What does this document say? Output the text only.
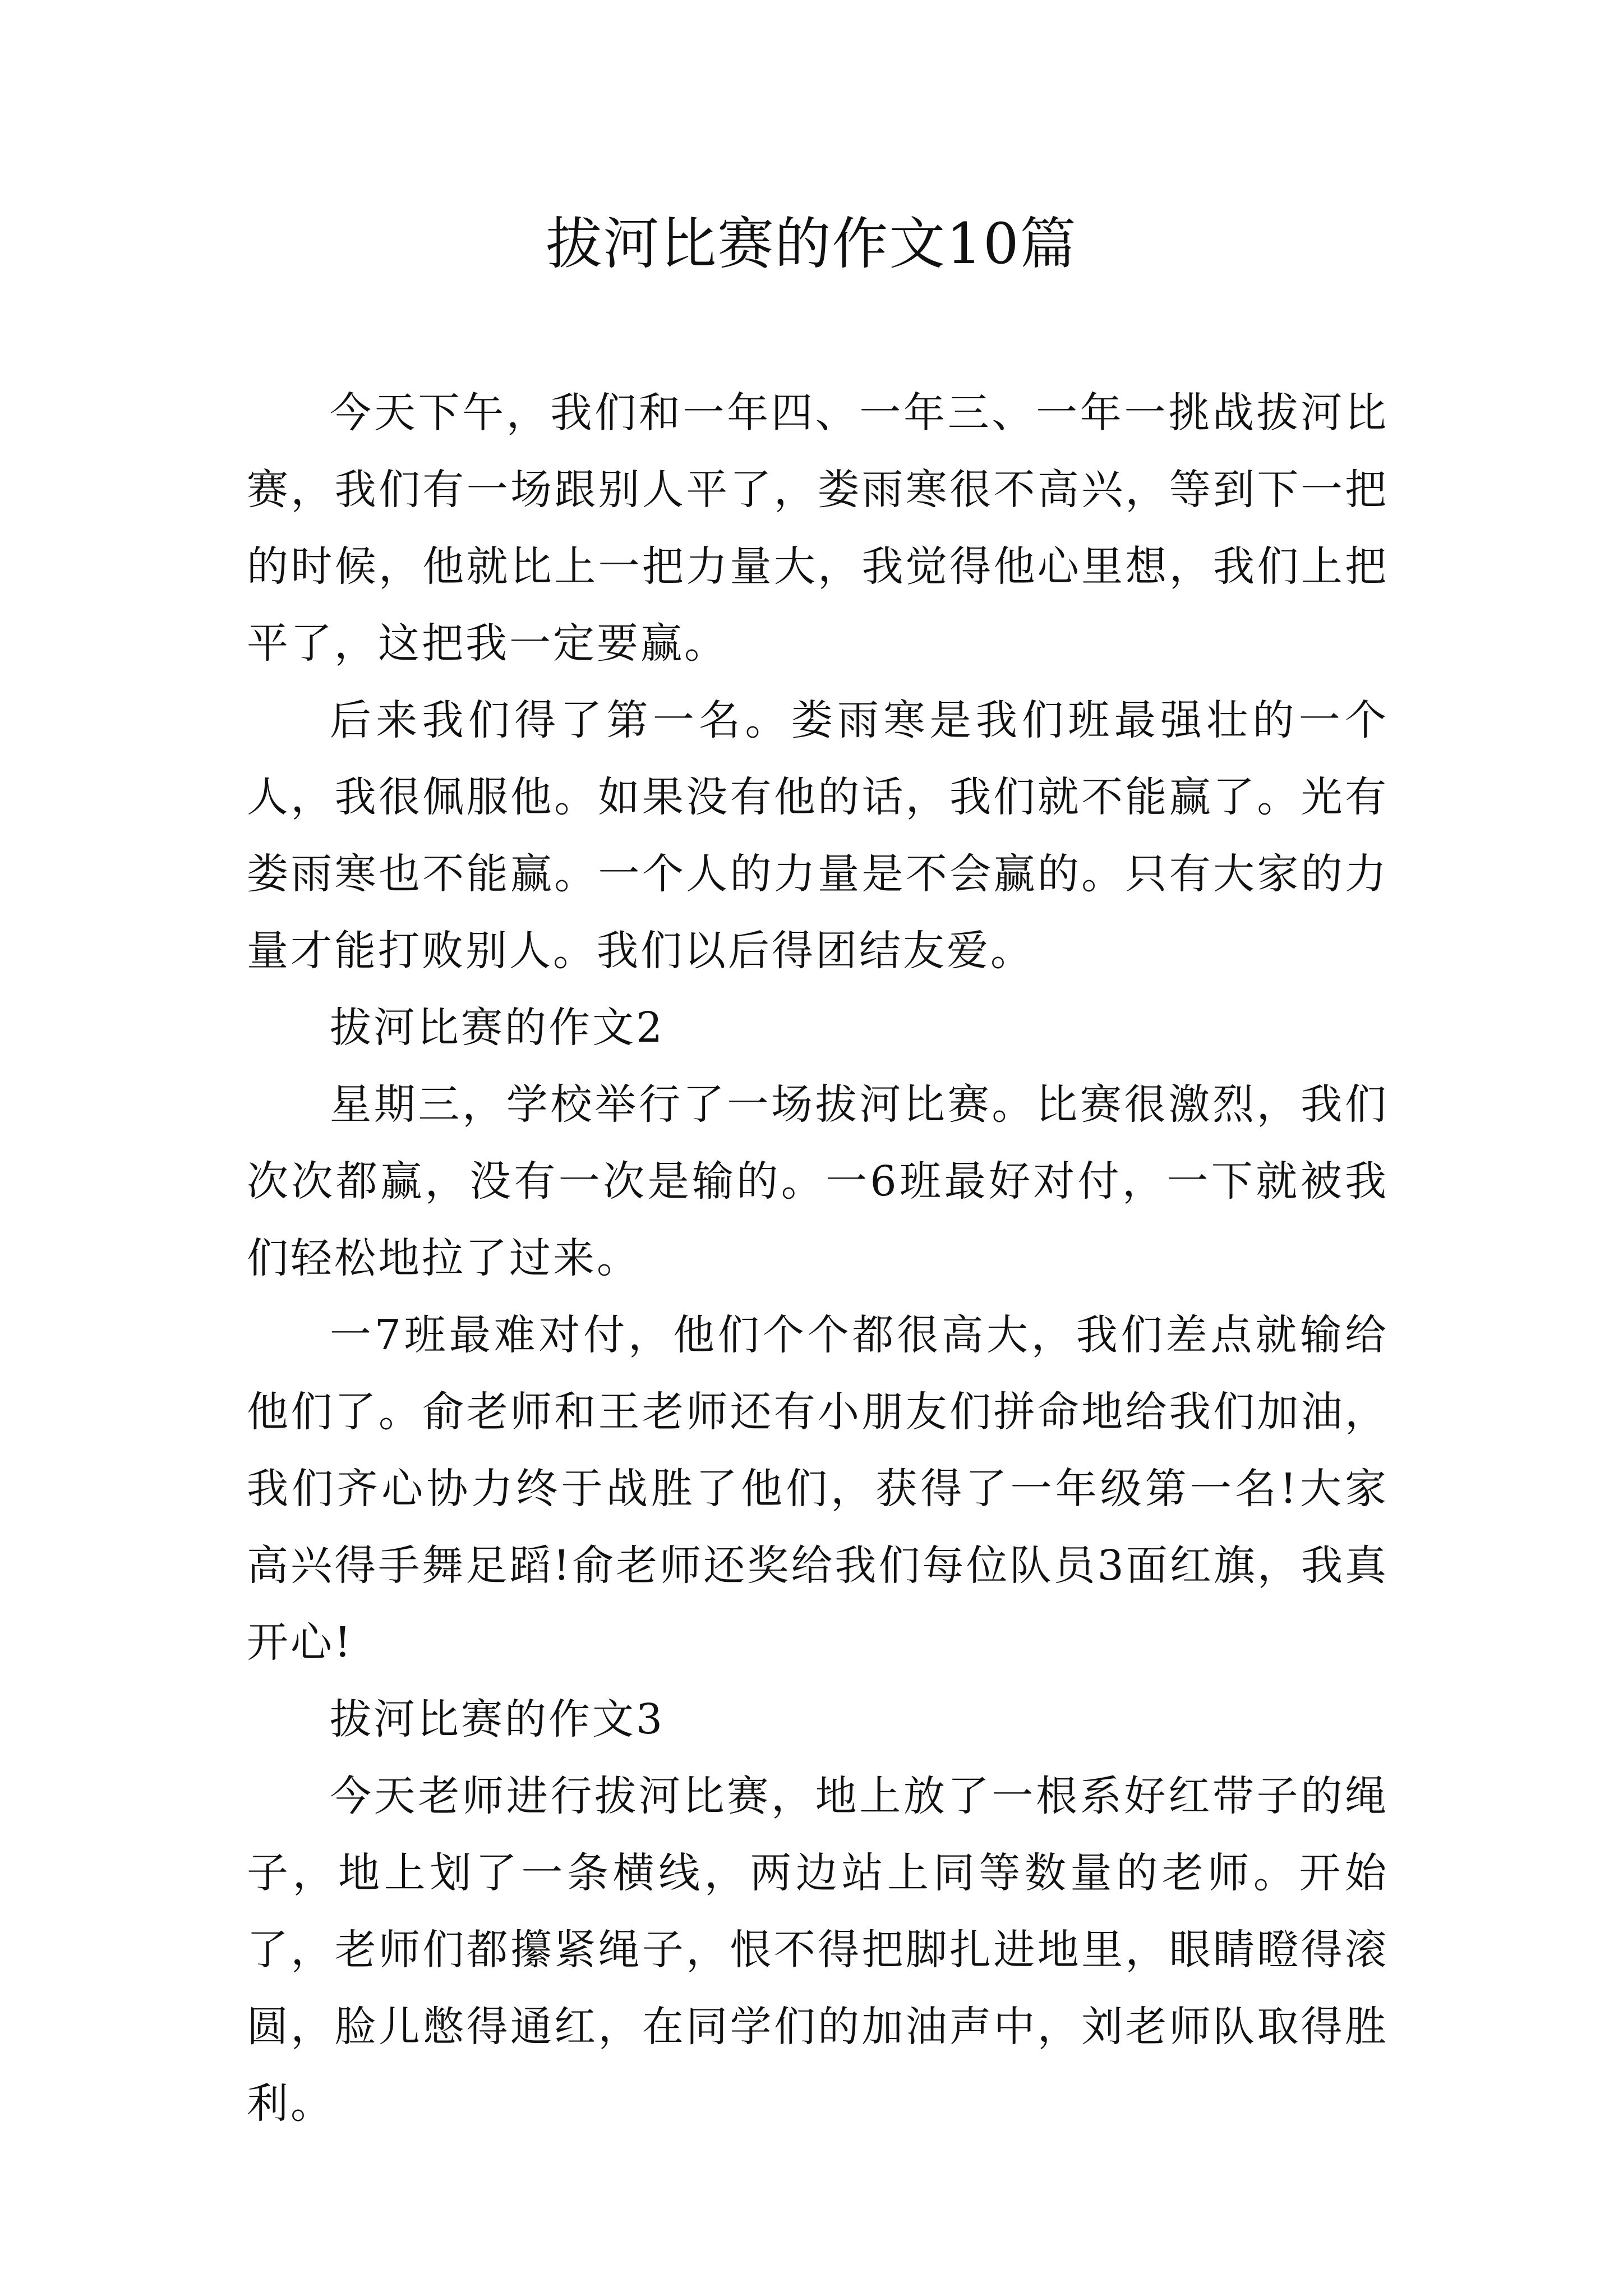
拔河比赛的作文10篇

今天下午，我们和一年四、一年三、一年一挑战拔河比赛，我们有一场跟别人平了，娄雨寒很不高兴，等到下一把的时候，他就比上一把力量大，我觉得他心里想，我们上把平了，这把我一定要赢。

后来我们得了第一名。娄雨寒是我们班最强壮的一个人，我很佩服他。如果没有他的话，我们就不能赢了。光有娄雨寒也不能赢。一个人的力量是不会赢的。只有大家的力量才能打败别人。我们以后得团结友爱。

拔河比赛的作文2

星期三，学校举行了一场拔河比赛。比赛很激烈，我们次次都赢，没有一次是输的。一6班最好对付，一下就被我们轻松地拉了过来。

一7班最难对付，他们个个都很高大，我们差点就输给他们了。俞老师和王老师还有小朋友们拼命地给我们加油，我们齐心协力终于战胜了他们，获得了一年级第一名!大家高兴得手舞足蹈!俞老师还奖给我们每位队员3面红旗，我真开心!

拔河比赛的作文3

今天老师进行拔河比赛，地上放了一根系好红带子的绳子，地上划了一条横线，两边站上同等数量的老师。开始了，老师们都攥紧绳子，恨不得把脚扎进地里，眼睛瞪得滚圆，脸儿憋得通红，在同学们的加油声中，刘老师队取得胜利。
